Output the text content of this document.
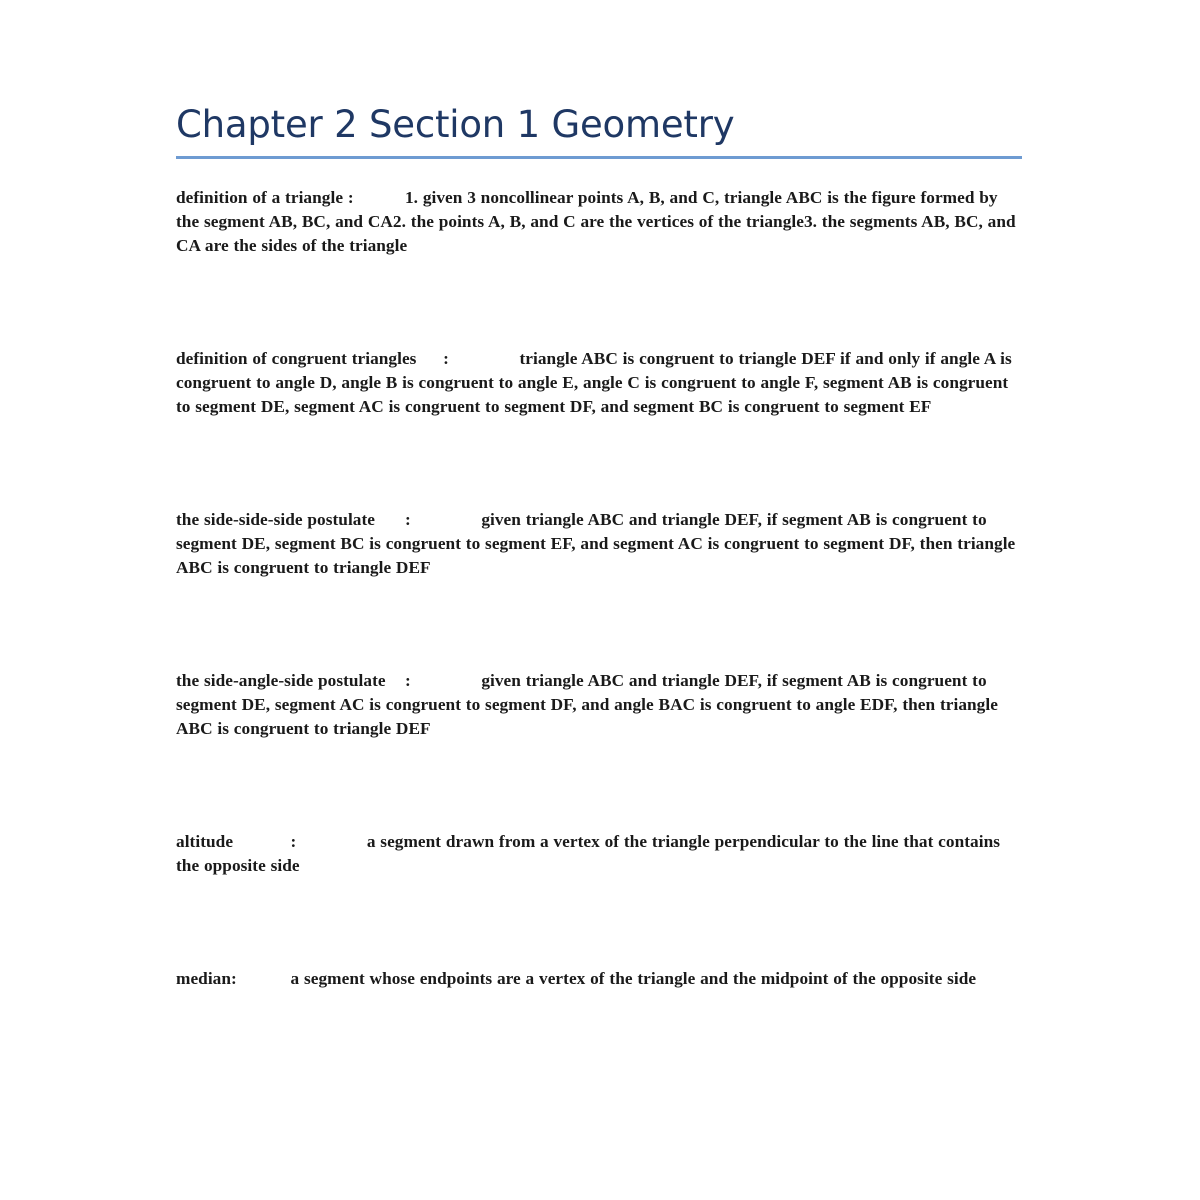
Chapter 2 Section 1 Geometry

definition of a triangle :		1. given 3 noncollinear points A, B, and C, triangle ABC is the figure formed by the segment AB, BC, and CA2. the points A, B, and C are the vertices of the triangle3. the segments AB, BC, and CA are the sides of the triangle

definition of congruent triangles	:		triangle ABC is congruent to triangle DEF if and only if angle A is congruent to angle D, angle B is congruent to angle E, angle C is congruent to angle F, segment AB is congruent to segment DE, segment AC is congruent to segment DF, and segment BC is congruent to segment EF

the side-side-side postulate	:		given triangle ABC and triangle DEF, if segment AB is congruent to segment DE, segment BC is congruent to segment EF, and segment AC is congruent to segment DF, then triangle ABC is congruent to triangle DEF

the side-angle-side postulate	:		given triangle ABC and triangle DEF, if segment AB is congruent to segment DE, segment AC is congruent to segment DF, and angle BAC is congruent to angle EDF, then triangle ABC is congruent to triangle DEF

altitude		:		a segment drawn from a vertex of the triangle perpendicular to the line that contains the opposite side

median:		a segment whose endpoints are a vertex of the triangle and the midpoint of the opposite side
